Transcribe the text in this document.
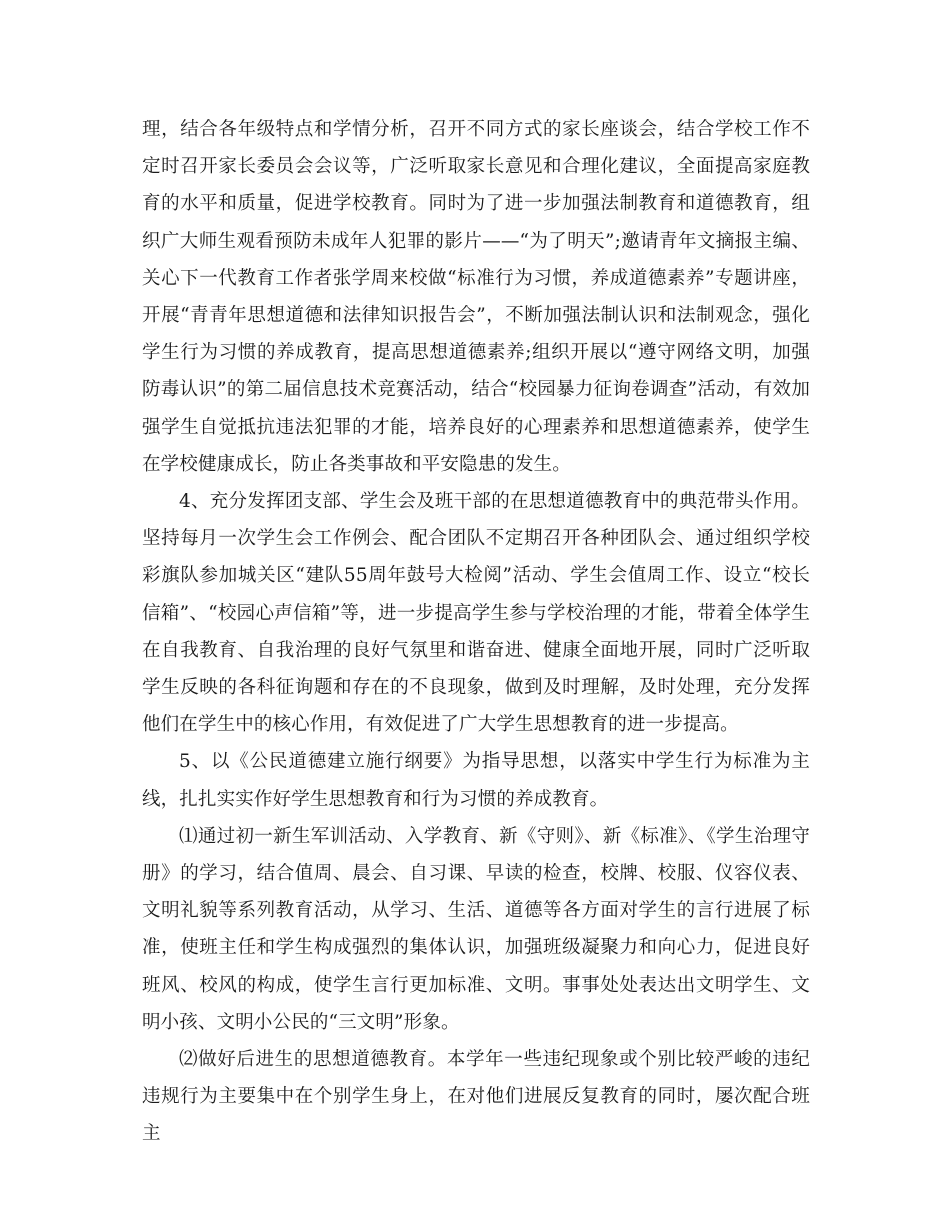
理，结合各年级特点和学情分析，召开不同方式的家长座谈会，结合学校工作不定时召开家长委员会会议等，广泛听取家长意见和合理化建议，全面提高家庭教育的水平和质量，促进学校教育。同时为了进一步加强法制教育和道德教育，组织广大师生观看预防未成年人犯罪的影片——“为了明天”;邀请青年文摘报主编、关心下一代教育工作者张学周来校做“标准行为习惯，养成道德素养”专题讲座，开展“青青年思想道德和法律知识报告会”，不断加强法制认识和法制观念，强化学生行为习惯的养成教育，提高思想道德素养;组织开展以“遵守网络文明，加强防毒认识”的第二届信息技术竞赛活动，结合“校园暴力征询卷调查”活动，有效加强学生自觉抵抗违法犯罪的才能，培养良好的心理素养和思想道德素养，使学生在学校健康成长，防止各类事故和平安隐患的发生。

4、充分发挥团支部、学生会及班干部的在思想道德教育中的典范带头作用。坚持每月一次学生会工作例会、配合团队不定期召开各种团队会、通过组织学校彩旗队参加城关区“建队55周年鼓号大检阅”活动、学生会值周工作、设立“校长信箱”、“校园心声信箱”等，进一步提高学生参与学校治理的才能，带着全体学生在自我教育、自我治理的良好气氛里和谐奋进、健康全面地开展，同时广泛听取学生反映的各科征询题和存在的不良现象，做到及时理解，及时处理，充分发挥他们在学生中的核心作用，有效促进了广大学生思想教育的进一步提高。

5、以《公民道德建立施行纲要》为指导思想，以落实中学生行为标准为主线，扎扎实实作好学生思想教育和行为习惯的养成教育。

⑴通过初一新生军训活动、入学教育、新《守则》、新《标准》、《学生治理守册》的学习，结合值周、晨会、自习课、早读的检查，校牌、校服、仪容仪表、文明礼貌等系列教育活动，从学习、生活、道德等各方面对学生的言行进展了标准，使班主任和学生构成强烈的集体认识，加强班级凝聚力和向心力，促进良好班风、校风的构成，使学生言行更加标准、文明。事事处处表达出文明学生、文明小孩、文明小公民的“三文明”形象。

⑵做好后进生的思想道德教育。本学年一些违纪现象或个别比较严峻的违纪违规行为主要集中在个别学生身上，在对他们进展反复教育的同时，屡次配合班主
